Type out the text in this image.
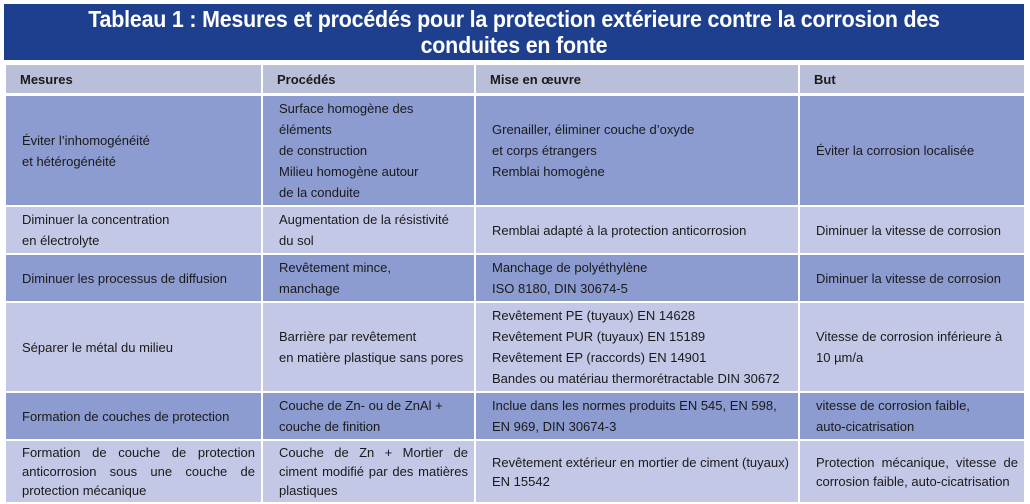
Tableau 1 : Mesures et procédés pour la protection extérieure contre la corrosion des conduites en fonte
Mesures	Procédés	Mise en œuvre	But
Éviter l’inhomogénéité
et hétérogénéité	Surface homogène des éléments
de construction
Milieu homogène autour
de la conduite	Grenailler, éliminer couche d’oxyde
et corps étrangers
Remblai homogène	Éviter la corrosion localisée
Diminuer la concentration
en électrolyte	Augmentation de la résistivité
du sol	Remblai adapté à la protection anticorrosion	Diminuer la vitesse de corrosion
Diminuer les processus de diffusion	Revêtement mince,
manchage	Manchage de polyéthylène
ISO 8180, DIN 30674-5	Diminuer la vitesse de corrosion
Séparer le métal du milieu	Barrière par revêtement
en matière plastique sans pores	Revêtement PE (tuyaux) EN 14628
Revêtement PUR (tuyaux) EN 15189
Revêtement EP (raccords) EN 14901
Bandes ou matériau thermorétractable DIN 30672	Vitesse de corrosion inférieure à
10 µm/a
Formation de couches de protection	Couche de Zn- ou de ZnAl +
couche de finition	Inclue dans les normes produits EN 545, EN 598,
EN 969, DIN 30674-3	vitesse de corrosion faible,
auto-cicatrisation
Formation de couche de protection anticorrosion sous une couche de protection mécanique	Couche de Zn + Mortier de ciment modifié par des matières plastiques	Revêtement extérieur en mortier de ciment (tuyaux)
EN 15542	Protection mécanique, vitesse de corrosion faible, auto-cicatrisation
